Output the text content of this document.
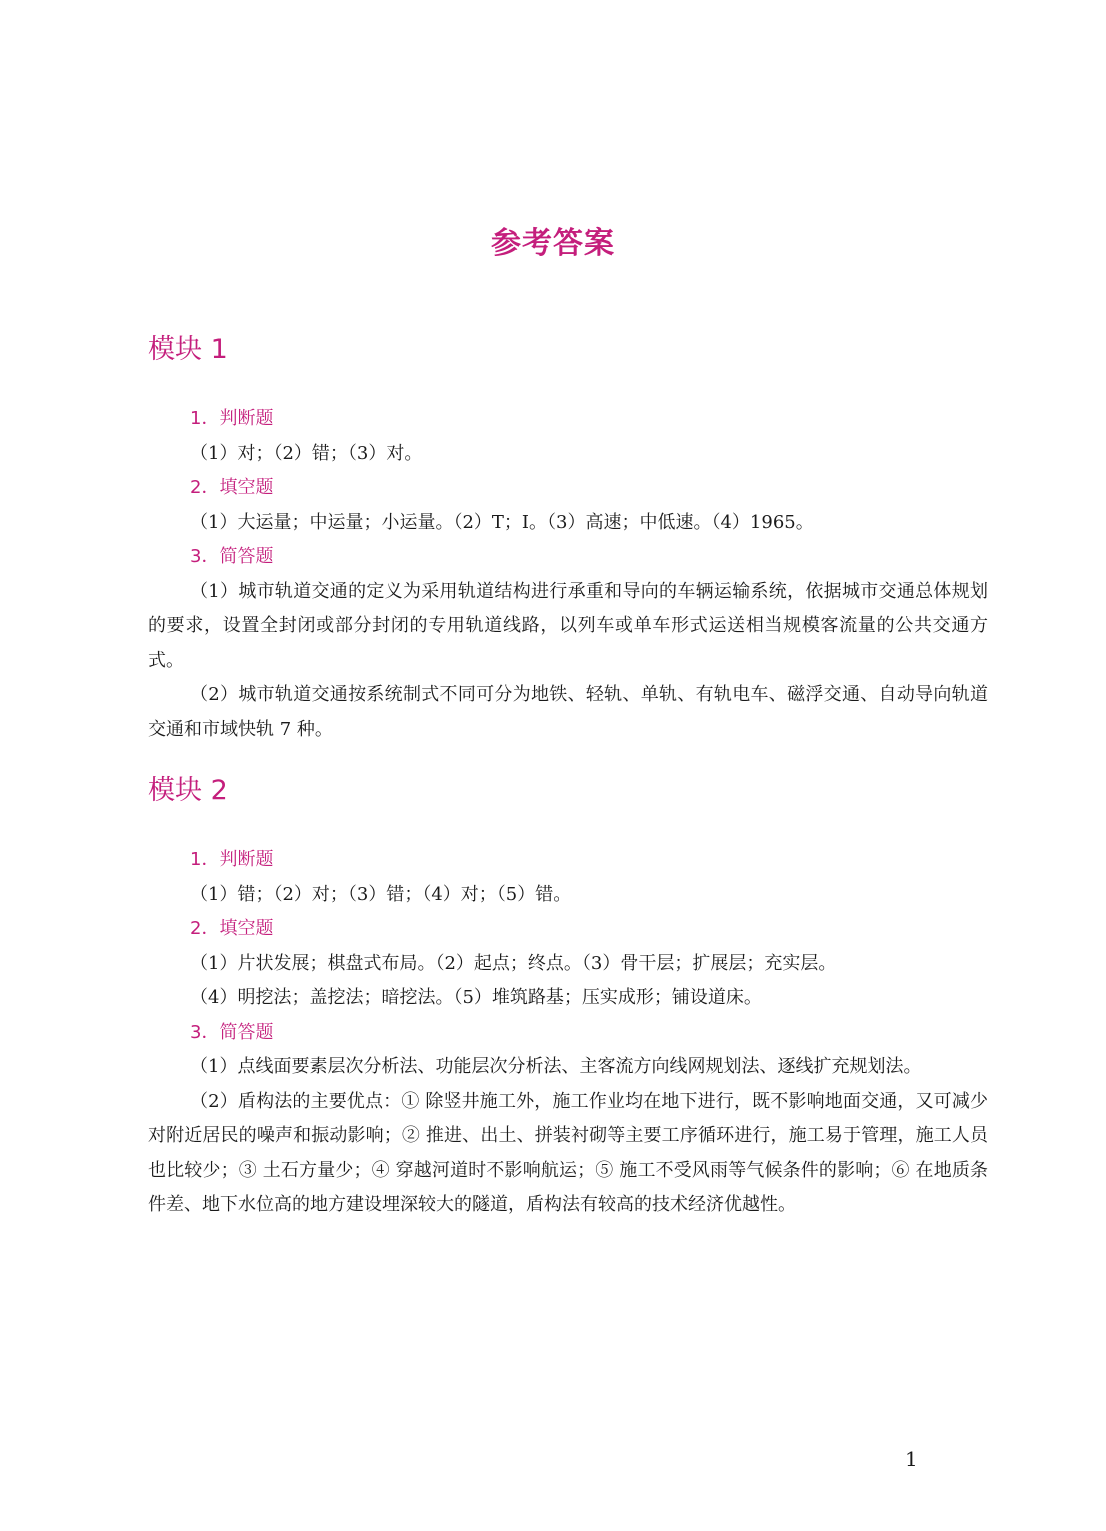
参考答案
模块 1

1．判断题

（1）对；（2）错；（3）对。

2．填空题

（1）大运量；中运量；小运量。（2）T；I。（3）高速；中低速。（4）1965。

3．简答题

（1）城市轨道交通的定义为采用轨道结构进行承重和导向的车辆运输系统，依据城市交通总体规划的要求，设置全封闭或部分封闭的专用轨道线路，以列车或单车形式运送相当规模客流量的公共交通方式。

（2）城市轨道交通按系统制式不同可分为地铁、轻轨、单轨、有轨电车、磁浮交通、自动导向轨道交通和市域快轨 7 种。

模块 2

1．判断题

（1）错；（2）对；（3）错；（4）对；（5）错。

2．填空题

（1）片状发展；棋盘式布局。（2）起点；终点。（3）骨干层；扩展层；充实层。

（4）明挖法；盖挖法；暗挖法。（5）堆筑路基；压实成形；铺设道床。

3．简答题

（1）点线面要素层次分析法、功能层次分析法、主客流方向线网规划法、逐线扩充规划法。

（2）盾构法的主要优点：① 除竖井施工外，施工作业均在地下进行，既不影响地面交通，又可减少对附近居民的噪声和振动影响；② 推进、出土、拼装衬砌等主要工序循环进行，施工易于管理，施工人员也比较少；③ 土石方量少；④ 穿越河道时不影响航运；⑤ 施工不受风雨等气候条件的影响；⑥ 在地质条件差、地下水位高的地方建设埋深较大的隧道，盾构法有较高的技术经济优越性。

1
